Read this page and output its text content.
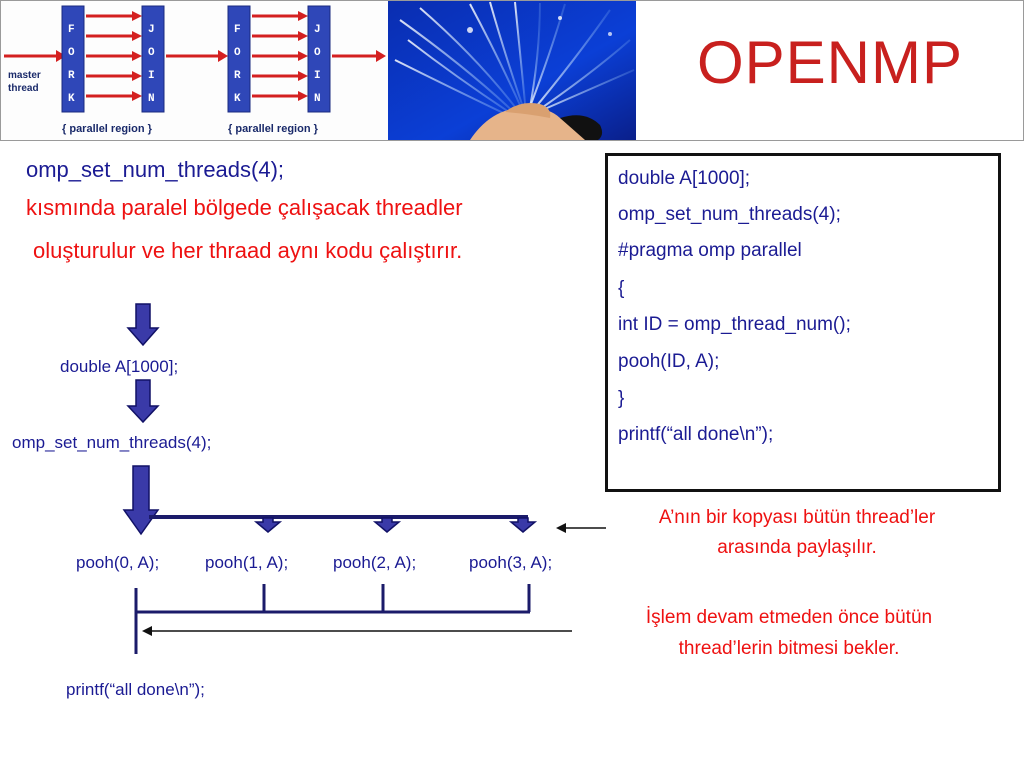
master
thread
F
O
R
K
J
O
I
N
{ parallel region }
F
O
R
K
J
O
I
N
{ parallel region }
OPENMP
omp_set_num_threads(4);
kısmında paralel bölgede çalışacak threadler
oluşturulur ve her thraad aynı kodu çalıştırır.
double A[1000];
omp_set_num_threads(4);
#pragma omp parallel
{
int ID = omp_thread_num();
pooh(ID, A);
}
printf(“all done\n”);
double A[1000];
omp_set_num_threads(4);
pooh(0, A);	pooh(1, A);	pooh(2, A);	pooh(3, A);
printf(“all done\n”);
A’nın bir kopyası bütün thread’ler
arasında paylaşılır.
İşlem devam etmeden önce bütün
thread’lerin bitmesi bekler.
